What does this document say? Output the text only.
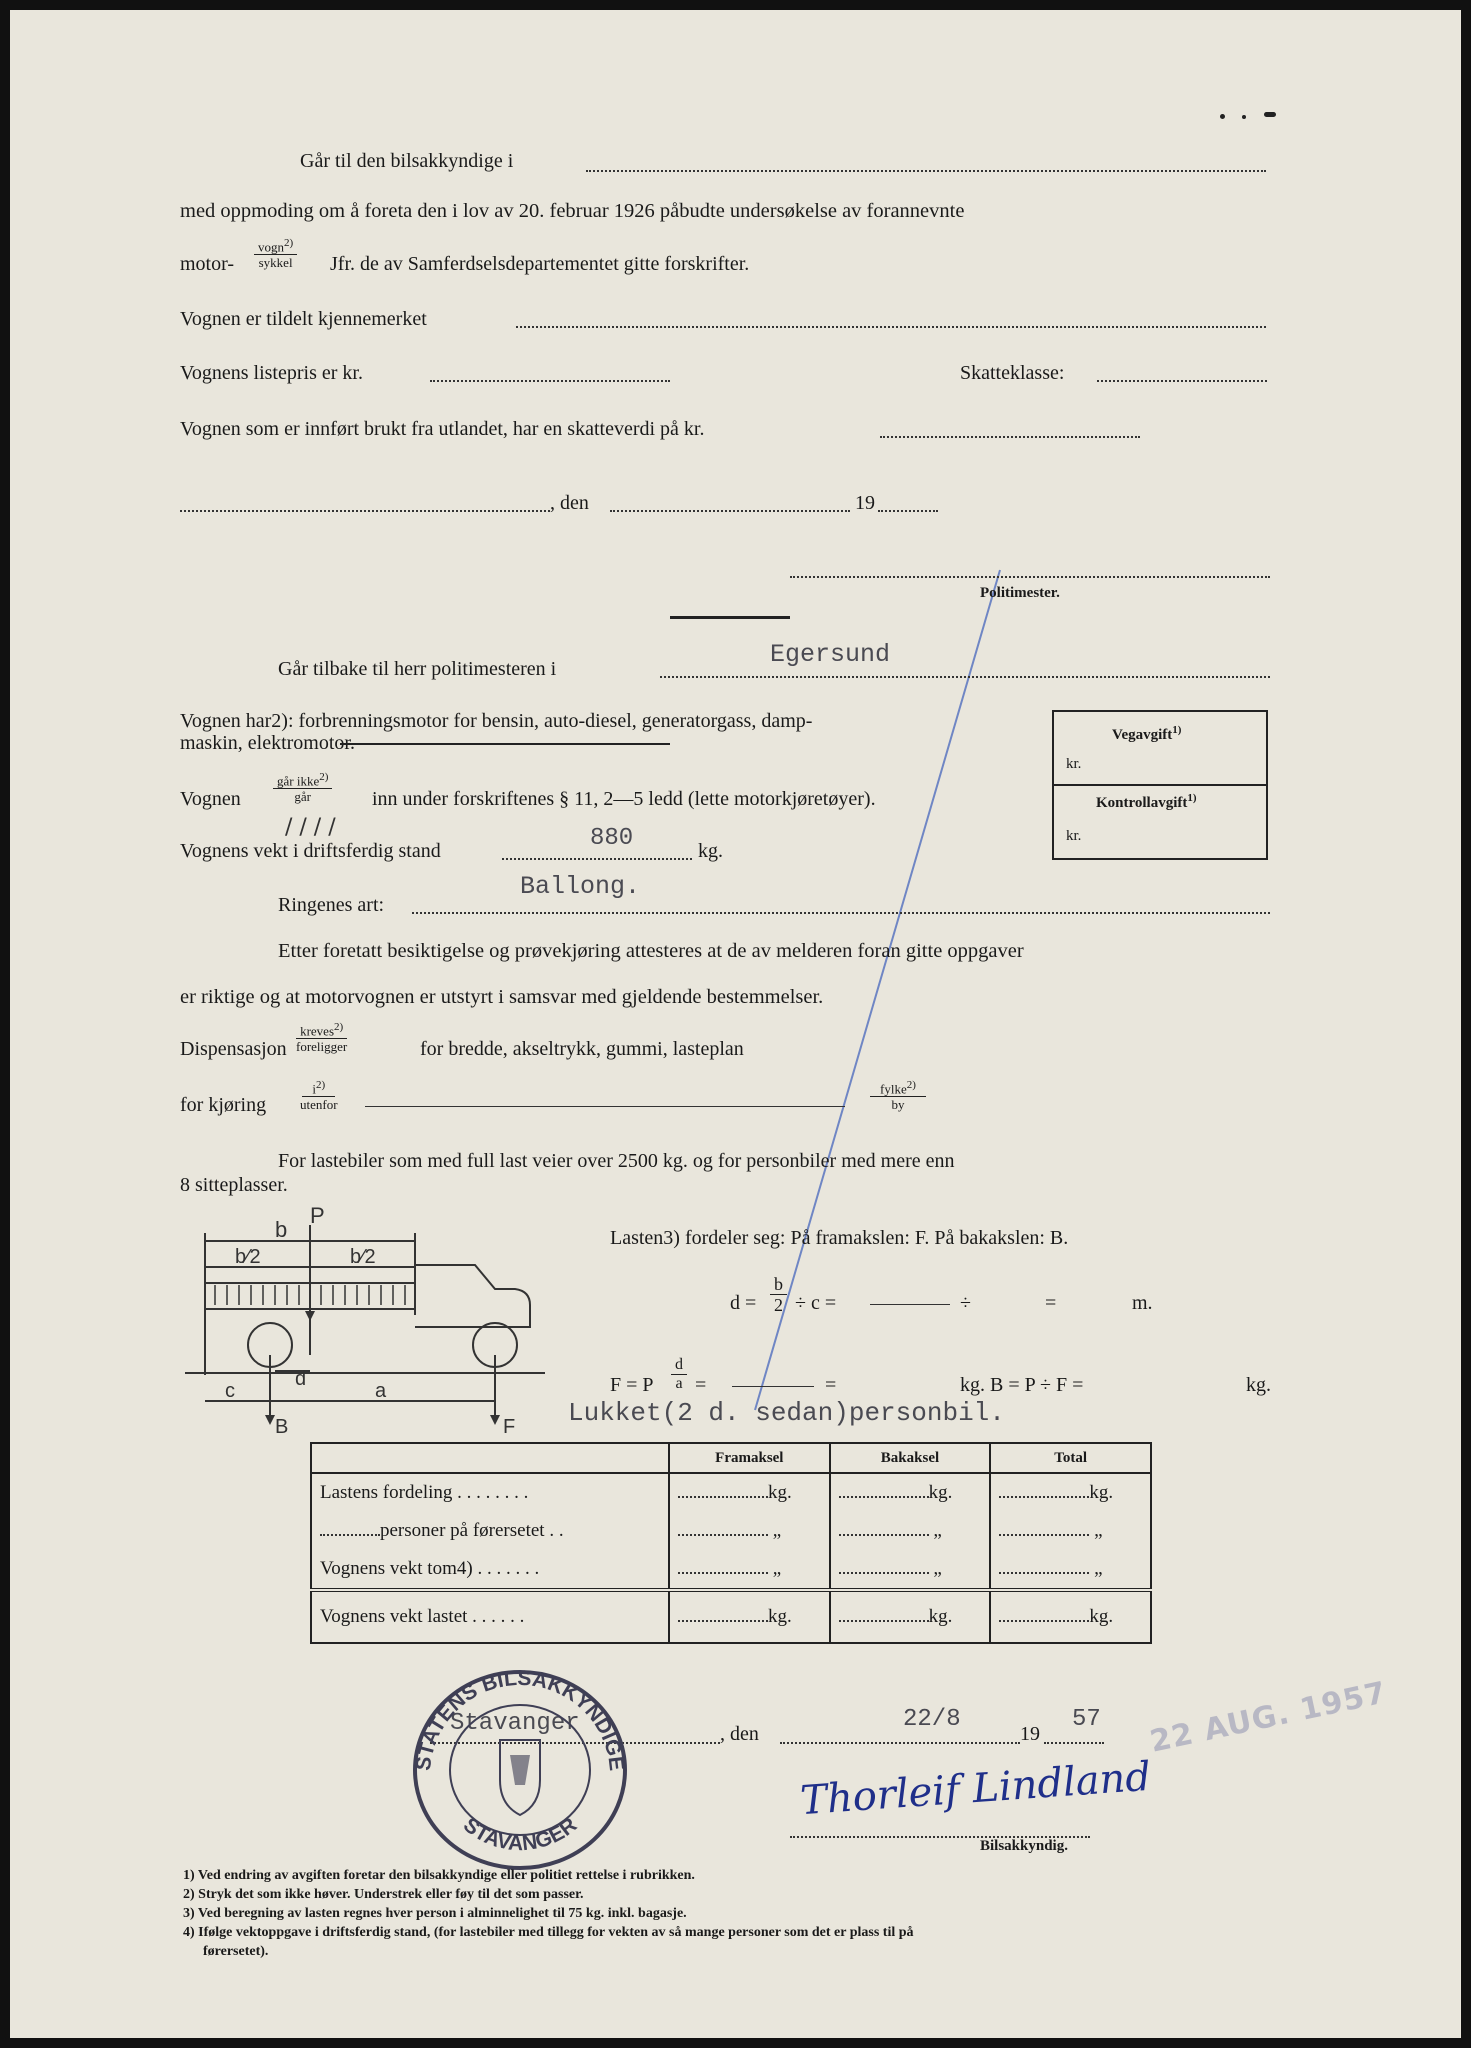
Går til den bilsakkyndige i
med oppmoding om å foreta den i lov av 20. februar 1926 påbudte undersøkelse av forannevnte
motor-
vogn$^{2)}$
sykkel Jfr. de av Samferdselsdepartementet gitte forskrifter.
Vognen er tildelt kjennemerket
Vognens listepris er kr.	Skatteklasse:
Vognen som er innført brukt fra utlandet, har en skatteverdi på kr.
, den	19
Politimester.
Går tilbake til herr politimesteren i	Egersund
Vognen har2): forbrenningsmotor for bensin, auto-diesel, generatorgass, damp-
maskin, elektromotor.
Vognen
går ikke$^{2)}$
går
/ / / /
inn under forskriftenes § 11, 2—5 ledd (lette motorkjøretøyer).
Vognens vekt i driftsferdig stand	880	kg.
Vegavgift$^{1)}$
kr.
Kontrollavgift$^{1)}$
kr.
Ringenes art:
Ballong.
Etter foretatt besiktigelse og prøvekjøring attesteres at de av melderen foran gitte oppgaver
er riktige og at motorvognen er utstyrt i samsvar med gjeldende bestemmelser.
Dispensasjon
kreves$^{2)}$
foreligger	for bredde, akseltrykk, gummi, lasteplan
for kjøring
$i^{2)}$
utenfor
fylke$^{2)}$
by
For lastebiler som med full last veier over 2500 kg. og for personbiler med mere enn
8 sitteplasser.
P
b
b⁄2	b⁄2
c
d
a
B	F
Lasten3) fordeler seg: På framakslen: F. På bakakslen: B.
$d = \frac{b}{2} \div c$ =	÷	=	m.
F = P $\frac{d}{a}$ =	=	kg. B = P ÷ F =	kg.
Lukket(2 d. sedan)personbil.
	Framaksel	Bakaksel	Total
Lastens fordeling . . . . . . . .	kg.	kg.	kg.
personer på førersetet . .	„	„	„
Vognens vekt tom4) . . . . . . .	„	„	„
Vognens vekt lastet . . . . . .	kg.	kg.	kg.
Stavanger	, den
22/8
19
57
Thorleif Lindland
Bilsakkyndig.
STATENS BILSAKKYNDIGE
STAVANGER
22 AUG. 1957
1) Ved endring av avgiften foretar den bilsakkyndige eller politiet rettelse i rubrikken.
2) Stryk det som ikke høver. Understrek eller føy til det som passer.
3) Ved beregning av lasten regnes hver person i alminnelighet til 75 kg. inkl. bagasje.
4) Ifølge vektoppgave i driftsferdig stand, (for lastebiler med tillegg for vekten av så mange personer som det er plass til på
førersetet).
